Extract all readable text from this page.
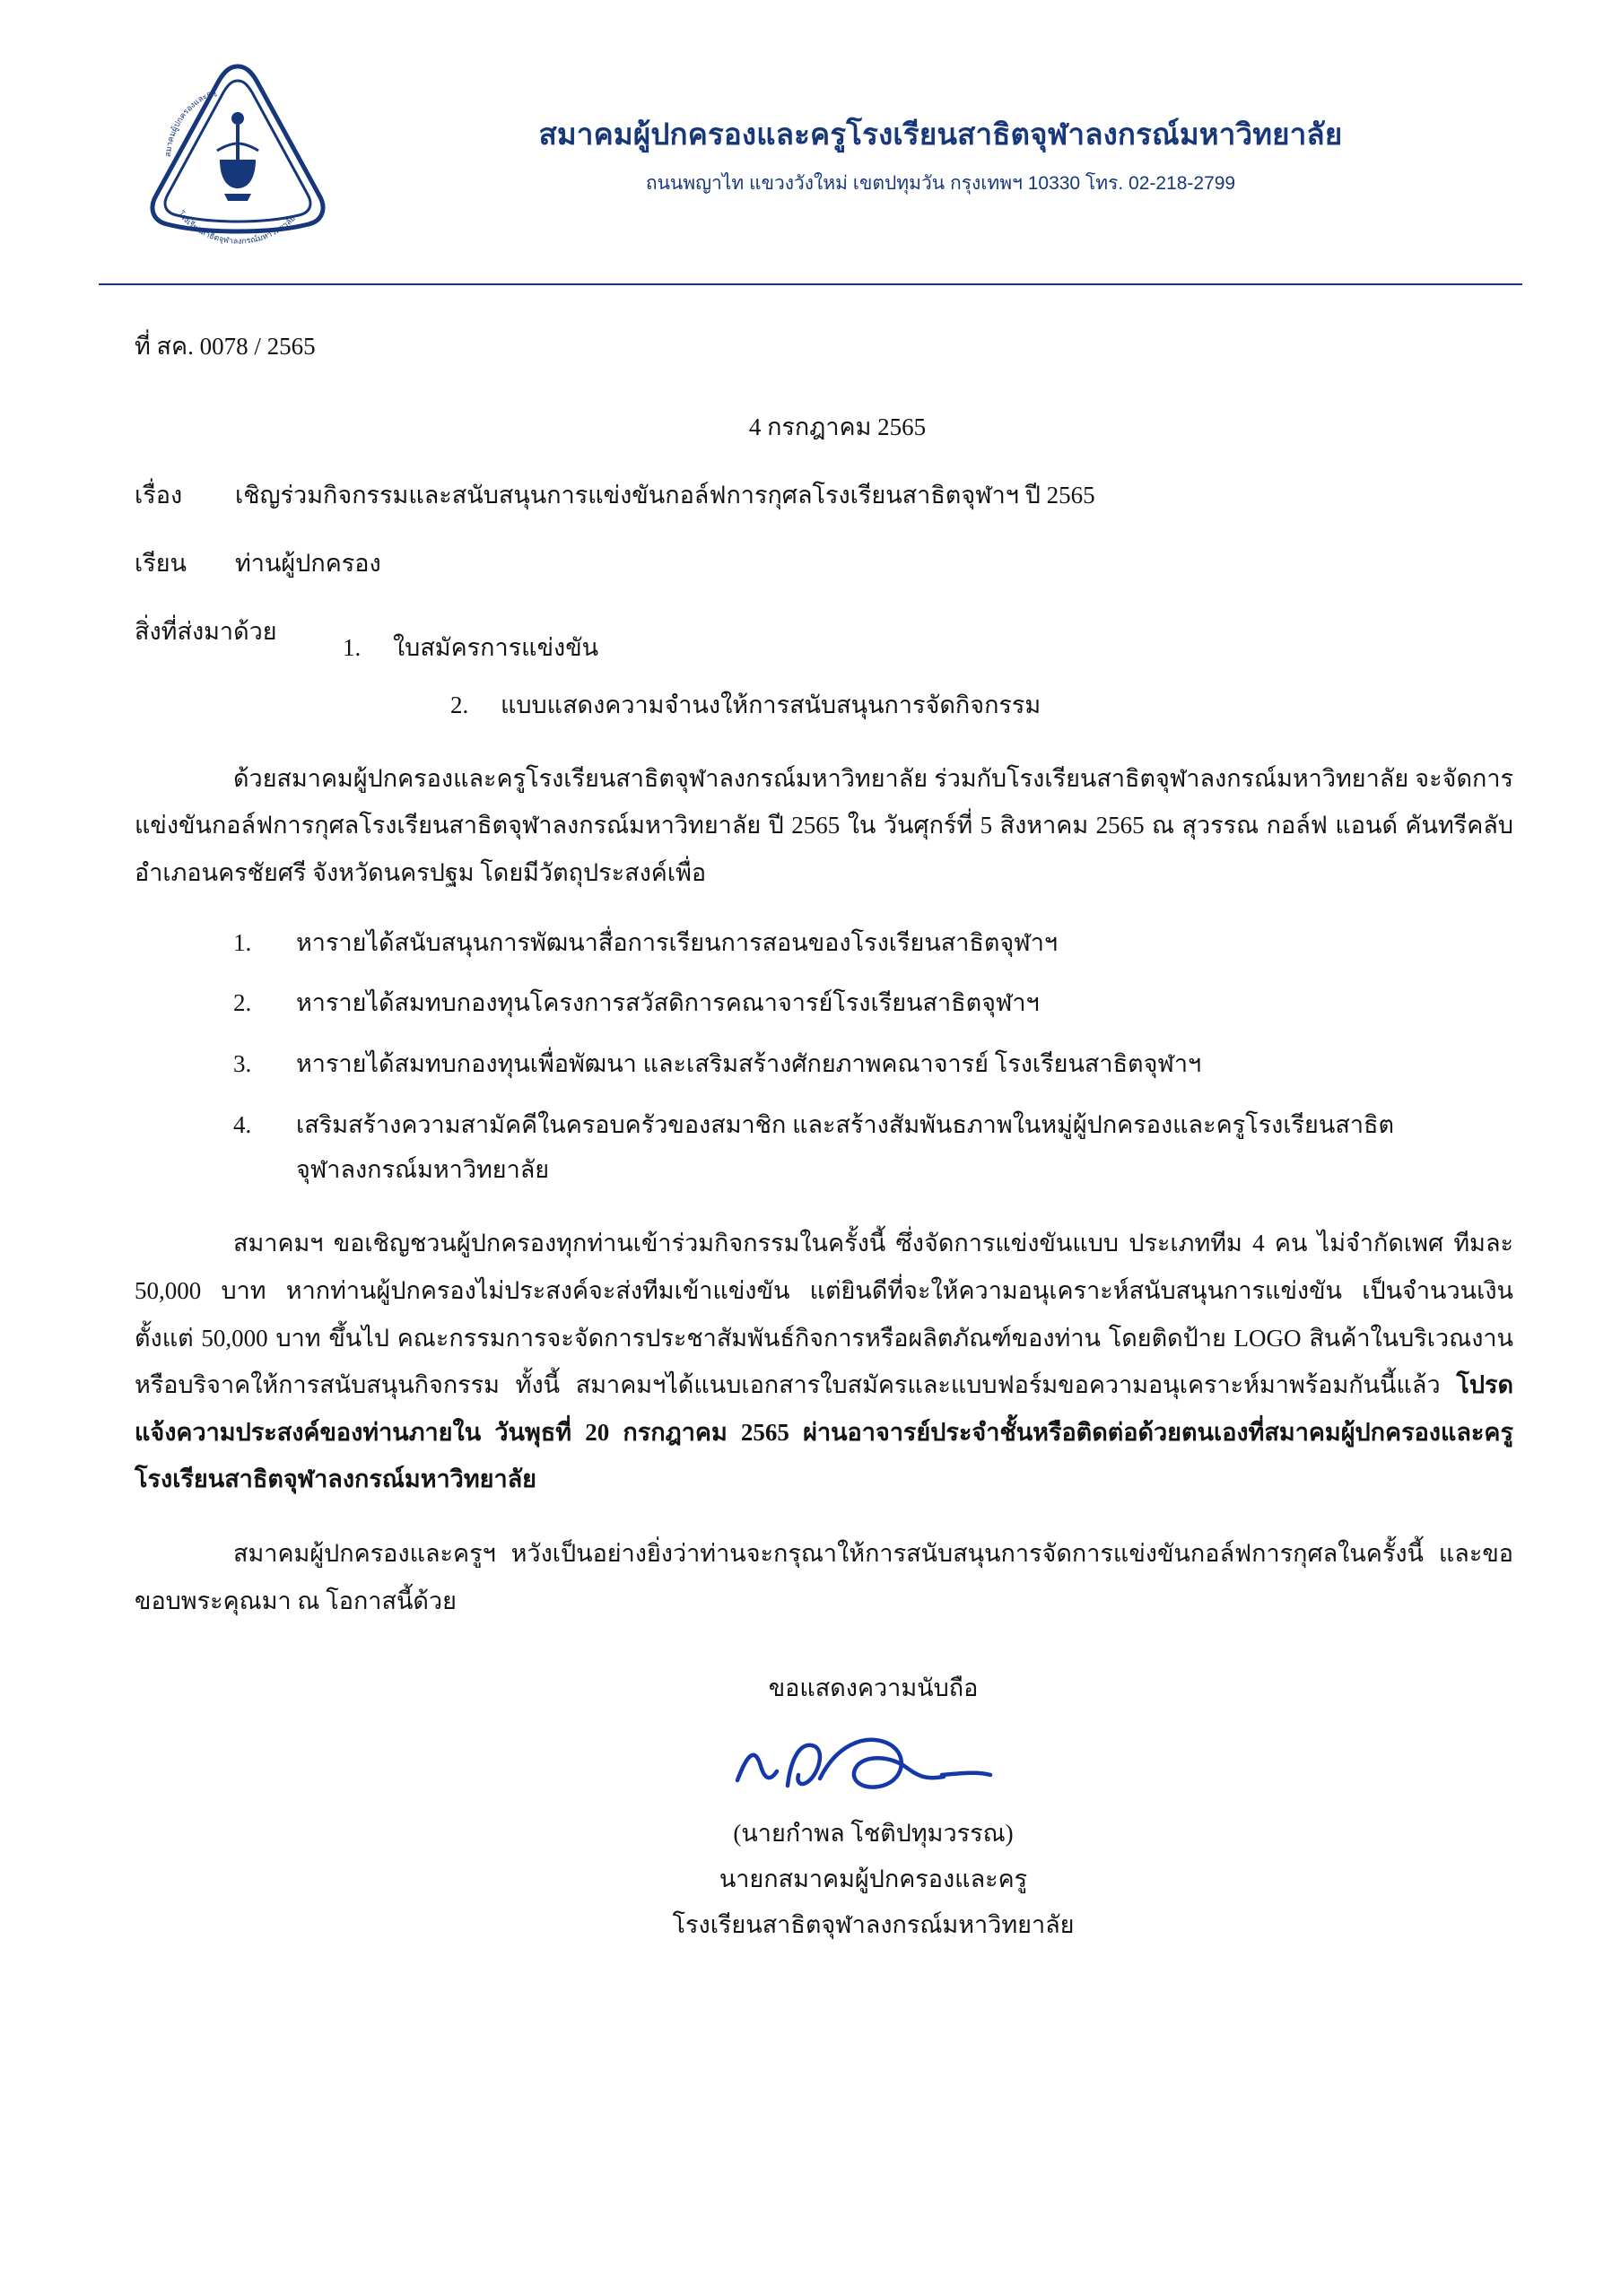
สมาคมผู้ปกครองและครู
โรงเรียนสาธิตจุฬาลงกรณ์มหาวิทยาลัย
สมาคมผู้ปกครองและครูโรงเรียนสาธิตจุฬาลงกรณ์มหาวิทยาลัย
ถนนพญาไท แขวงวังใหม่ เขตปทุมวัน กรุงเทพฯ 10330 โทร. 02-218-2799
ที่ สค. 0078 / 2565
4 กรกฎาคม 2565
เรื่อง	เชิญร่วมกิจกรรมและสนับสนุนการแข่งขันกอล์ฟการกุศลโรงเรียนสาธิตจุฬาฯ ปี 2565
เรียน	ท่านผู้ปกครอง
สิ่งที่ส่งมาด้วย
1.	ใบสมัครการแข่งขัน
2.	แบบแสดงความจำนงให้การสนับสนุนการจัดกิจกรรม

ด้วยสมาคมผู้ปกครองและครูโรงเรียนสาธิตจุฬาลงกรณ์มหาวิทยาลัย ร่วมกับโรงเรียนสาธิตจุฬาลงกรณ์มหาวิทยาลัย จะจัดการแข่งขันกอล์ฟการกุศลโรงเรียนสาธิตจุฬาลงกรณ์มหาวิทยาลัย ปี 2565 ใน วันศุกร์ที่ 5 สิงหาคม 2565 ณ สุวรรณ กอล์ฟ แอนด์ คันทรีคลับ อำเภอนครชัยศรี จังหวัดนครปฐม โดยมีวัตถุประสงค์เพื่อ

1.	หารายได้สนับสนุนการพัฒนาสื่อการเรียนการสอนของโรงเรียนสาธิตจุฬาฯ
2.	หารายได้สมทบกองทุนโครงการสวัสดิการคณาจารย์โรงเรียนสาธิตจุฬาฯ
3.	หารายได้สมทบกองทุนเพื่อพัฒนา และเสริมสร้างศักยภาพคณาจารย์ โรงเรียนสาธิตจุฬาฯ
4.	เสริมสร้างความสามัคคีในครอบครัวของสมาชิก และสร้างสัมพันธภาพในหมู่ผู้ปกครองและครูโรงเรียนสาธิตจุฬาลงกรณ์มหาวิทยาลัย

สมาคมฯ ขอเชิญชวนผู้ปกครองทุกท่านเข้าร่วมกิจกรรมในครั้งนี้ ซึ่งจัดการแข่งขันแบบ ประเภททีม 4 คน ไม่จำกัดเพศ ทีมละ 50,000 บาท หากท่านผู้ปกครองไม่ประสงค์จะส่งทีมเข้าแข่งขัน แต่ยินดีที่จะให้ความอนุเคราะห์สนับสนุนการแข่งขัน เป็นจำนวนเงินตั้งแต่ 50,000 บาท ขึ้นไป คณะกรรมการจะจัดการประชาสัมพันธ์กิจการหรือผลิตภัณฑ์ของท่าน โดยติดป้าย LOGO สินค้าในบริเวณงาน หรือบริจาคให้การสนับสนุนกิจกรรม ทั้งนี้ สมาคมฯได้แนบเอกสารใบสมัครและแบบฟอร์มขอความอนุเคราะห์มาพร้อมกันนี้แล้ว โปรดแจ้งความประสงค์ของท่านภายใน วันพุธที่ 20 กรกฎาคม 2565 ผ่านอาจารย์ประจำชั้นหรือติดต่อด้วยตนเองที่สมาคมผู้ปกครองและครูโรงเรียนสาธิตจุฬาลงกรณ์มหาวิทยาลัย

สมาคมผู้ปกครองและครูฯ หวังเป็นอย่างยิ่งว่าท่านจะกรุณาให้การสนับสนุนการจัดการแข่งขันกอล์ฟการกุศลในครั้งนี้ และขอขอบพระคุณมา ณ โอกาสนี้ด้วย

ขอแสดงความนับถือ
(นายกำพล โชติปทุมวรรณ)
นายกสมาคมผู้ปกครองและครู
โรงเรียนสาธิตจุฬาลงกรณ์มหาวิทยาลัย
